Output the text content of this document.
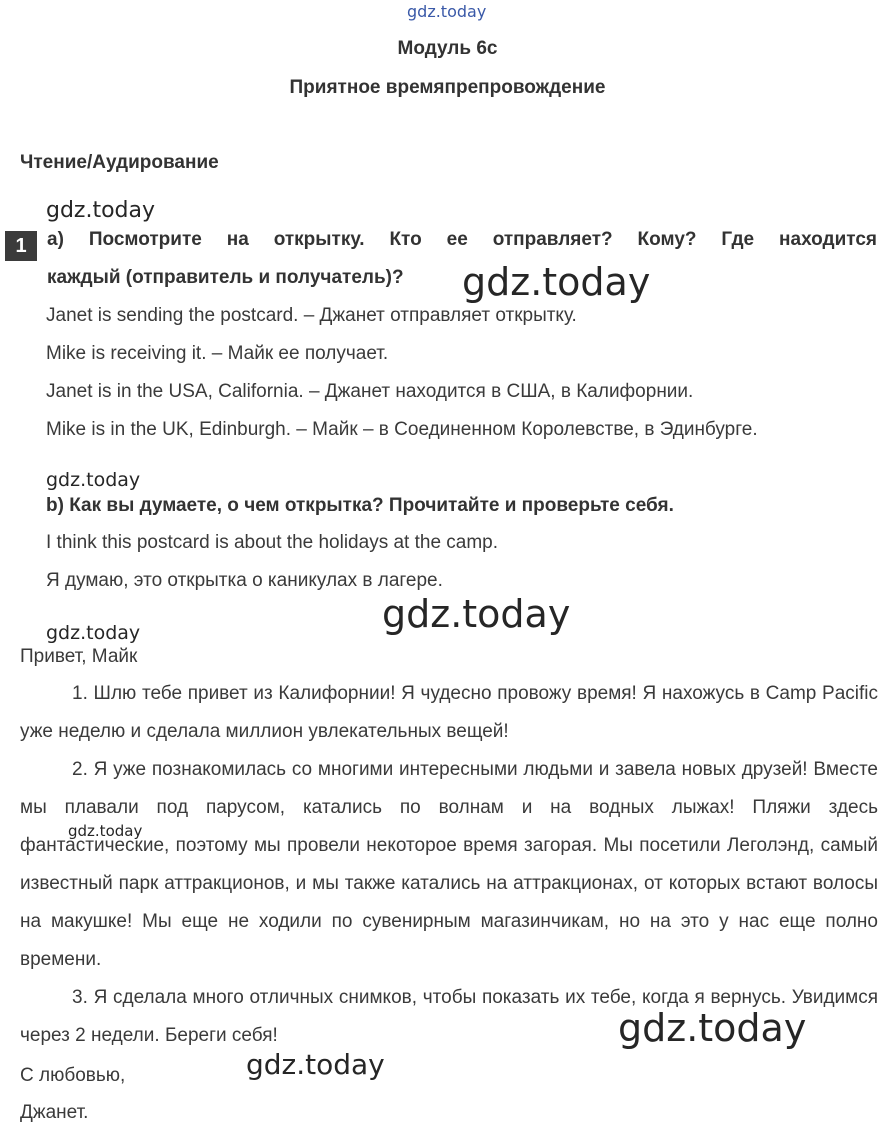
gdz.today
gdz.today
gdz.today
gdz.today
gdz.today
gdz.today
gdz.today
gdz.today
gdz.today
Модуль 6с
Приятное времяпрепровождение
Чтение/Аудирование
1	а) Посмотрите на открытку. Кто ее отправляет? Кому? Где находится
каждый (отправитель и получатель)?
Janet is sending the postcard. – Джанет отправляет открытку.
Mike is receiving it. – Майк ее получает.
Janet is in the USA, California. – Джанет находится в США, в Калифорнии.
Mike is in the UK, Edinburgh. – Майк – в Соединенном Королевстве, в Эдинбурге.
b) Как вы думаете, о чем открытка? Прочитайте и проверьте себя.
I think this postcard is about the holidays at the camp.
Я думаю, это открытка о каникулах в лагере.
Привет, Майк
1. Шлю тебе привет из Калифорнии! Я чудесно провожу время! Я нахожусь в Camp Pacific уже неделю и сделала миллион увлекательных вещей!
2. Я уже познакомилась со многими интересными людьми и завела новых друзей! Вместе мы плавали под парусом, катались по волнам и на водных лыжах! Пляжи здесь фантастические, поэтому мы провели некоторое время загорая. Мы посетили Леголэнд, самый известный парк аттракционов, и мы также катались на аттракционах, от которых встают волосы на макушке! Мы еще не ходили по сувенирным магазинчикам, но на это у нас еще полно времени.
3. Я сделала много отличных снимков, чтобы показать их тебе, когда я вернусь. Увидимся через 2 недели. Береги себя!
С любовью,
Джанет.
